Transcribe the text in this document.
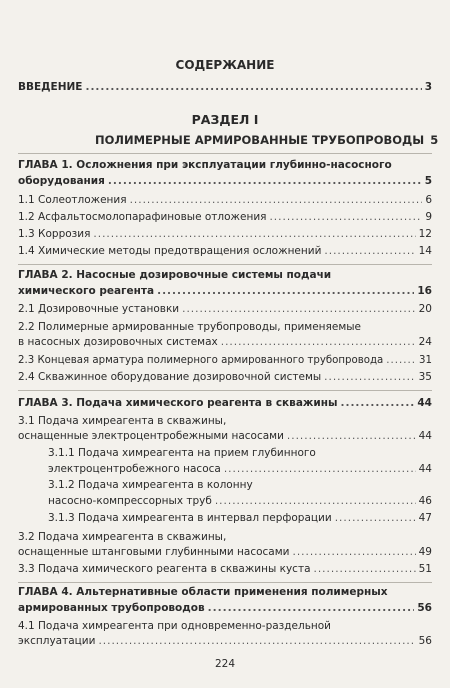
СОДЕРЖАНИЕ
ВВЕДЕНИЕ .....	3
РАЗДЕЛ I
ПОЛИМЕРНЫЕ АРМИРОВАННЫЕ ТРУБОПРОВОДЫ 5
ГЛАВА 1. Осложнения при эксплуатации глубинно-насосного
оборудования .....	5
1.1 Солеотложения .....	6
1.2 Асфальтосмолопарафиновые отложения .....	9
1.3 Коррозия .....	12
1.4 Химические методы предотвращения осложнений .....	14
ГЛАВА 2. Насосные дозировочные системы подачи
химического реагента .....	16
2.1 Дозировочные установки .....	20
2.2 Полимерные армированные трубопроводы, применяемые
в насосных дозировочных системах .....	24
2.3 Концевая арматура полимерного армированного трубопровода .....	31
2.4 Скважинное оборудование дозировочной системы .....	35
ГЛАВА 3. Подача химического реагента в скважины .....	44
3.1 Подача химреагента в скважины,
оснащенные электроцентробежными насосами .....	44
3.1.1 Подача химреагента на прием глубинного
электроцентробежного насоса .....	44
3.1.2 Подача химреагента в колонну
насосно-компрессорных труб .....	46
3.1.3 Подача химреагента в интервал перфорации .....	47
3.2 Подача химреагента в скважины,
оснащенные штанговыми глубинными насосами .....	49
3.3 Подача химического реагента в скважины куста .....	51
ГЛАВА 4. Альтернативные области применения полимерных
армированных трубопроводов .....	56
4.1 Подача химреагента при одновременно-раздельной
эксплуатации .....	56
224
